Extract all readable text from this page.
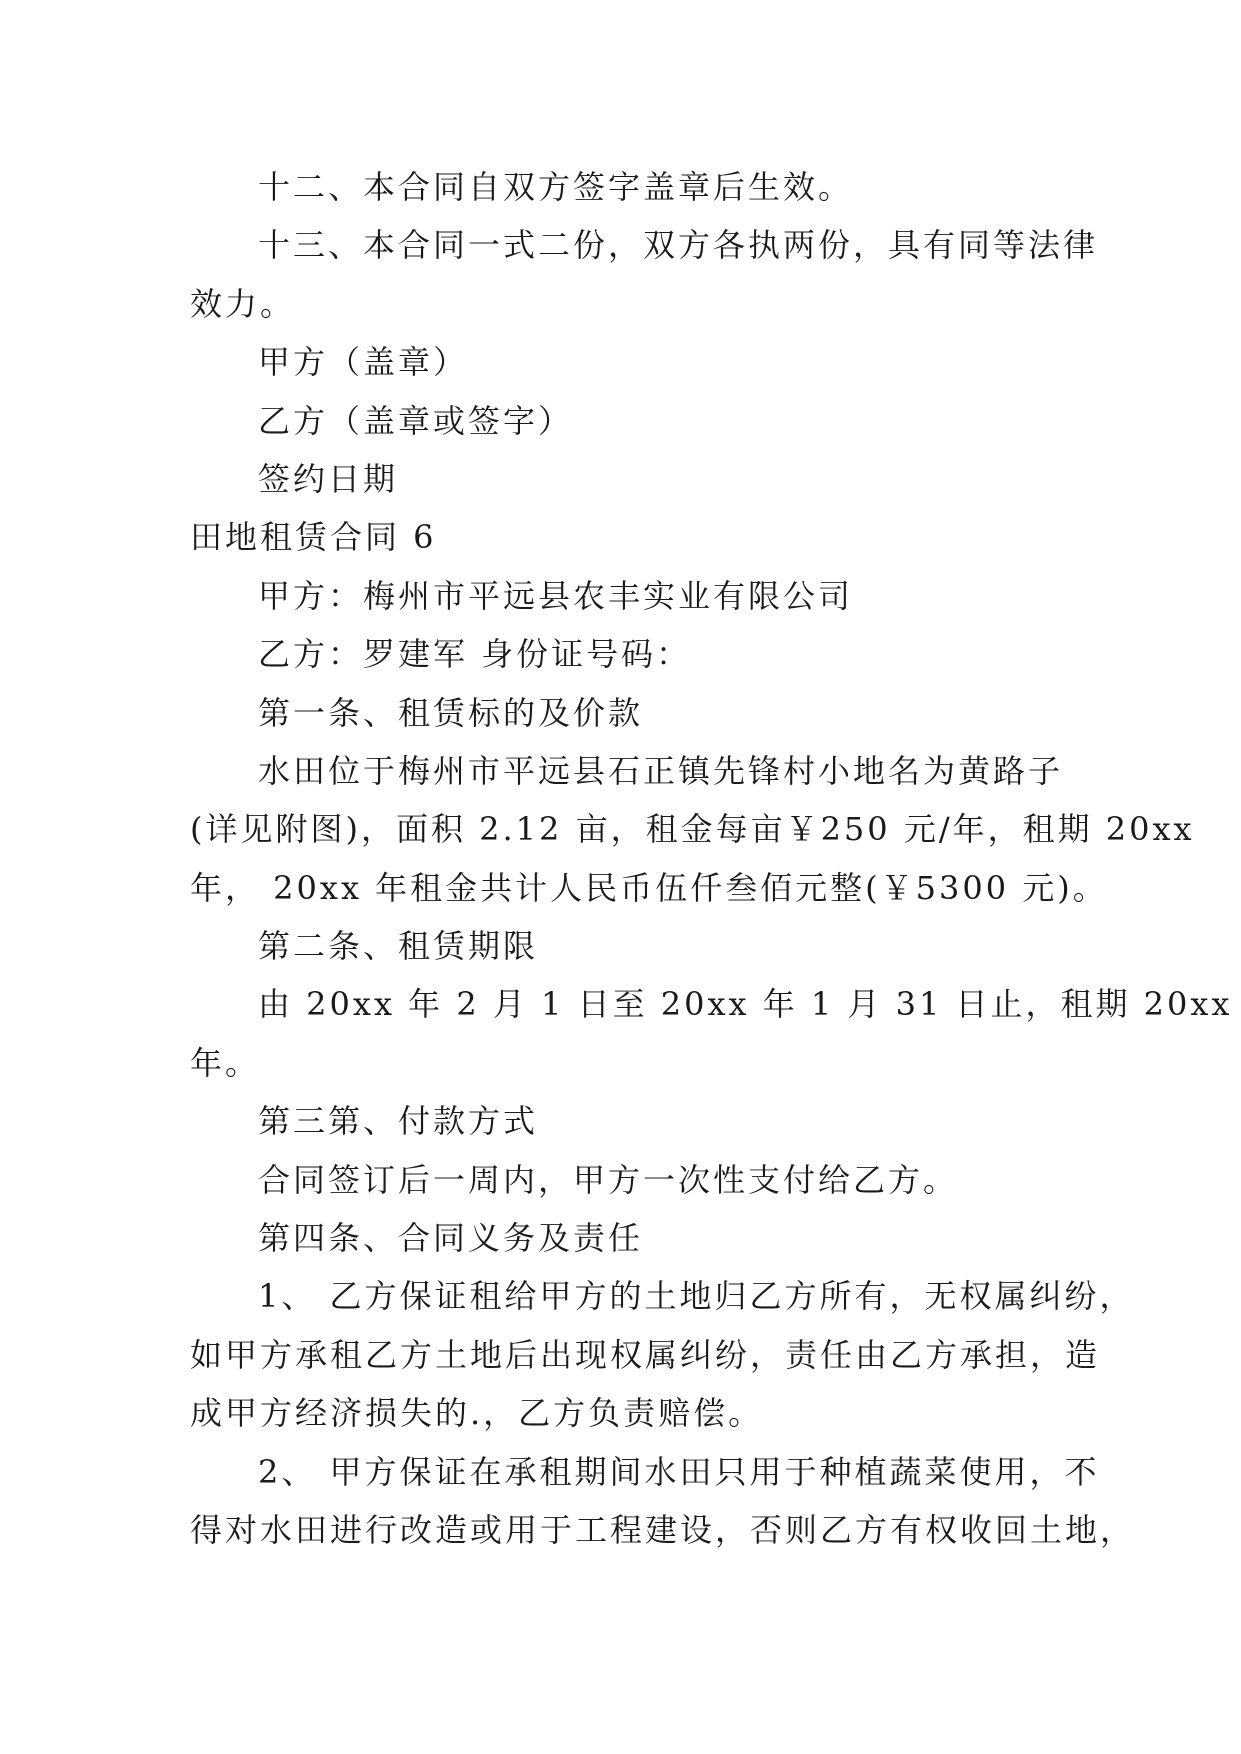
十二、本合同自双方签字盖章后生效。
十三、本合同一式二份，双方各执两份，具有同等法律
效力。
甲方（盖章）
乙方（盖章或签字）
签约日期
田地租赁合同 6
甲方：梅州市平远县农丰实业有限公司
乙方：罗建军 身份证号码：
第一条、租赁标的及价款
水田位于梅州市平远县石正镇先锋村小地名为黄路子
(详见附图)，面积 2.12 亩，租金每亩￥250 元/年，租期 20xx
年， 20xx 年租金共计人民币伍仟叁佰元整(￥5300 元)。
第二条、租赁期限
由 20xx 年 2 月 1 日至 20xx 年 1 月 31 日止，租期 20xx
年。
第三第、付款方式
合同签订后一周内，甲方一次性支付给乙方。
第四条、合同义务及责任
1、 乙方保证租给甲方的土地归乙方所有，无权属纠纷，
如甲方承租乙方土地后出现权属纠纷，责任由乙方承担，造
成甲方经济损失的.，乙方负责赔偿。
2、 甲方保证在承租期间水田只用于种植蔬菜使用，不
得对水田进行改造或用于工程建设，否则乙方有权收回土地，
